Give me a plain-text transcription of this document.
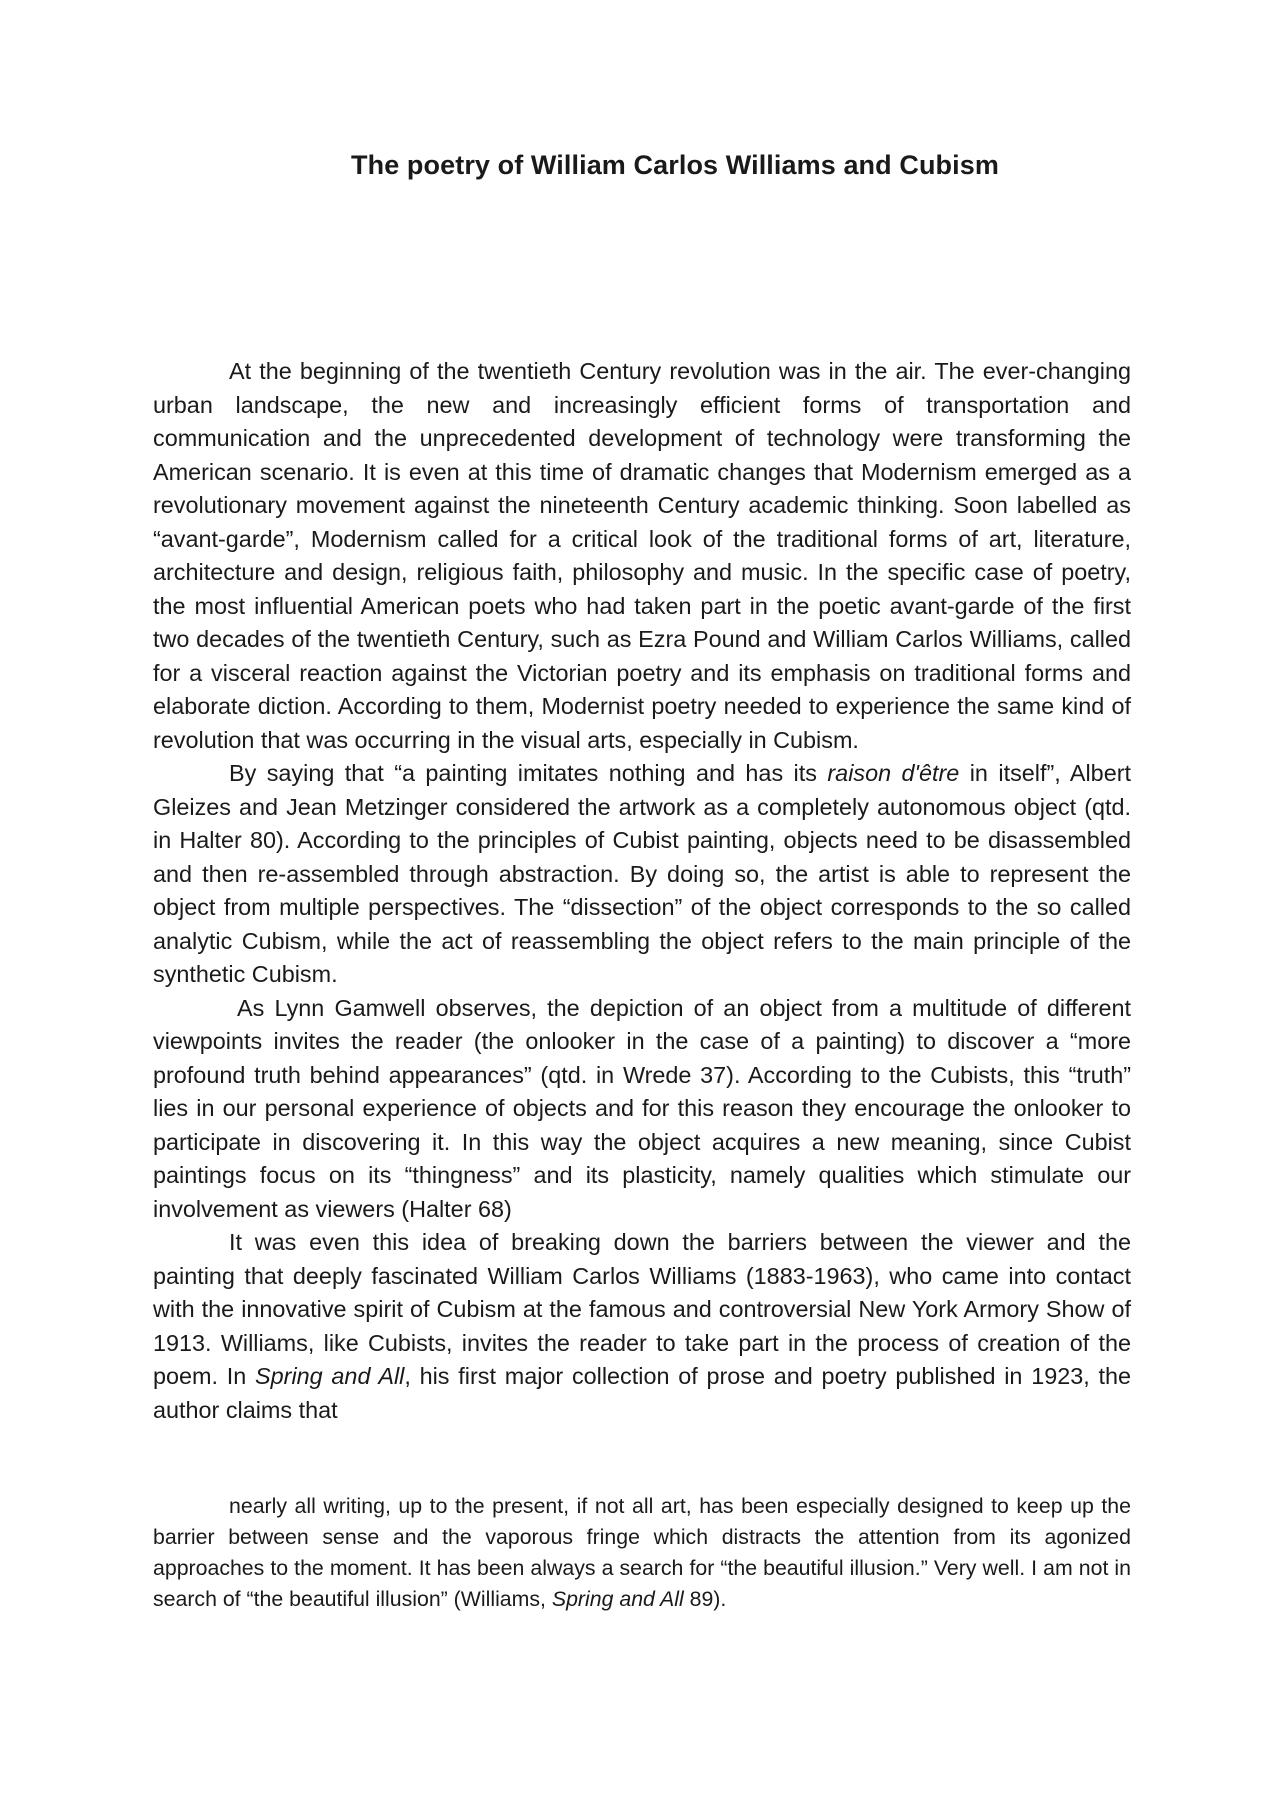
The poetry of William Carlos Williams and Cubism

At the beginning of the twentieth Century revolution was in the air. The ever-changing urban landscape, the new and increasingly efficient forms of transportation and communication and the unprecedented development of technology were transforming the American scenario. It is even at this time of dramatic changes that Modernism emerged as a revolutionary movement against the nineteenth Century academic thinking. Soon labelled as “avant-garde”, Modernism called for a critical look of the traditional forms of art, literature, architecture and design, religious faith, philosophy and music. In the specific case of poetry, the most influential American poets who had taken part in the poetic avant-garde of the first two decades of the twentieth Century, such as Ezra Pound and William Carlos Williams, called for a visceral reaction against the Victorian poetry and its emphasis on traditional forms and elaborate diction. According to them, Modernist poetry needed to experience the same kind of revolution that was occurring in the visual arts, especially in Cubism.

By saying that “a painting imitates nothing and has its raison d'être in itself”, Albert Gleizes and Jean Metzinger considered the artwork as a completely autonomous object (qtd. in Halter 80). According to the principles of Cubist painting, objects need to be disassembled and then re-assembled through abstraction. By doing so, the artist is able to represent the object from multiple perspectives. The “dissection” of the object corresponds to the so called analytic Cubism, while the act of reassembling the object refers to the main principle of the synthetic Cubism.

As Lynn Gamwell observes, the depiction of an object from a multitude of different viewpoints invites the reader (the onlooker in the case of a painting) to discover a “more profound truth behind appearances” (qtd. in Wrede 37). According to the Cubists, this “truth” lies in our personal experience of objects and for this reason they encourage the onlooker to participate in discovering it. In this way the object acquires a new meaning, since Cubist paintings focus on its “thingness” and its plasticity, namely qualities which stimulate our involvement as viewers (Halter 68)

It was even this idea of breaking down the barriers between the viewer and the painting that deeply fascinated William Carlos Williams (1883-1963), who came into contact with the innovative spirit of Cubism at the famous and controversial New York Armory Show of 1913. Williams, like Cubists, invites the reader to take part in the process of creation of the poem. In Spring and All, his first major collection of prose and poetry published in 1923, the author claims that

nearly all writing, up to the present, if not all art, has been especially designed to keep up the barrier between sense and the vaporous fringe which distracts the attention from its agonized approaches to the moment. It has been always a search for “the beautiful illusion.” Very well. I am not in search of “the beautiful illusion” (Williams, Spring and All 89).
